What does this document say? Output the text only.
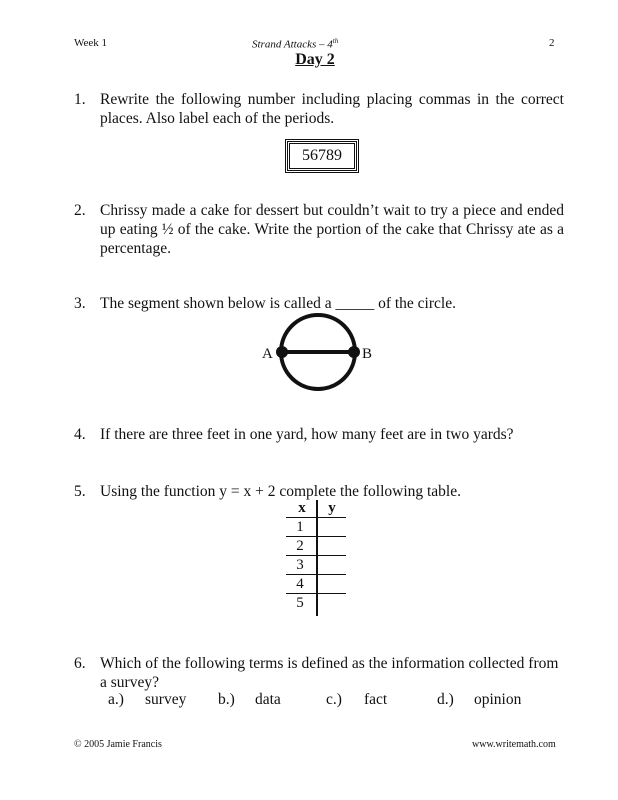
Week 1	Strand Attacks – 4th	2
Day 2
1. Rewrite the following number including placing commas in the correct places. Also label each of the periods.
56789
2. Chrissy made a cake for dessert but couldn’t wait to try a piece and ended up eating ½ of the cake. Write the portion of the cake that Chrissy ate as a percentage.
3. The segment shown below is called a _____ of the circle.
A	B
4. If there are three feet in one yard, how many feet are in two yards?
5. Using the function y = x + 2 complete the following table.
x	y
1
2
3
4
5
6. Which of the following terms is defined as the information collected from a survey?
a.) survey b.) data	c.) fact	d.) opinion
© 2005 Jamie Francis	www.writemath.com
